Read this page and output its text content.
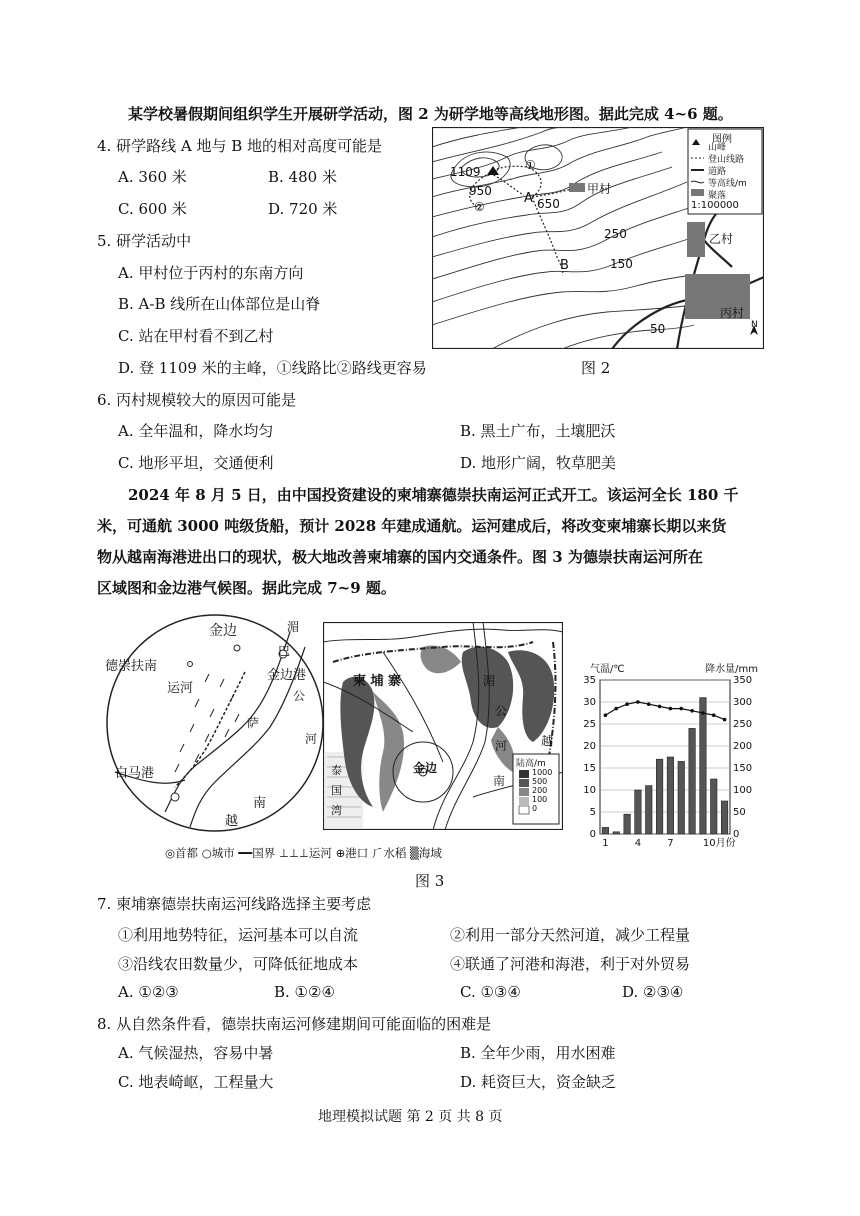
某学校暑假期间组织学生开展研学活动，图 2 为研学地等高线地形图。据此完成 4~6 题。
4. 研学路线 A 地与 B 地的相对高度可能是
A. 360 米	B. 480 米
C. 600 米	D. 720 米
5. 研学活动中
A. 甲村位于丙村的东南方向
B. A-B 线所在山体部位是山脊
C. 站在甲村看不到乙村
D. 登 1109 米的主峰，①线路比②路线更容易
1109	①
950
②
A
甲村
650
250
B	150
乙村
50
丙村
N
图例
山峰
登山线路
道路
等高线/m
聚落
1:100000
图 2
6. 丙村规模较大的原因可能是
A. 全年温和，降水均匀	B. 黑土广布，土壤肥沃
C. 地形平坦，交通便利	D. 地形广阔，牧草肥美
2024 年 8 月 5 日，由中国投资建设的柬埔寨德崇扶南运河正式开工。该运河全长 180 千
米，可通航 3000 吨级货船，预计 2028 年建成通航。运河建成后，将改变柬埔寨长期以来货
物从越南海港进出口的现状，极大地改善柬埔寨的国内交通条件。图 3 为德崇扶南运河所在
区域图和金边港气候图。据此完成 7~9 题。
金边	湄
巴
德崇扶南
运河
金边港
公
萨
河
白马港
越
南
柬 埔 寨	湄
公
河	越
南
金边
泰
国
湾
陆高/m
1000
500
200
100
0
0	0
5	50
10	100
15	150
20	200
25	250
30	300
35	350
气温/℃	降水量/mm
1	4	7	10月份
◎首都 ○城市 ━━国界 ⊥⊥⊥运河 ⊕港口 ⺁水稻 ▒海域
图 3
7. 柬埔寨德崇扶南运河线路选择主要考虑
①利用地势特征，运河基本可以自流	②利用一部分天然河道，减少工程量
③沿线农田数量少，可降低征地成本	④联通了河港和海港，利于对外贸易
A. ①②③	B. ①②④	C. ①③④	D. ②③④
8. 从自然条件看，德崇扶南运河修建期间可能面临的困难是
A. 气候湿热，容易中暑	B. 全年少雨，用水困难
C. 地表崎岖，工程量大	D. 耗资巨大，资金缺乏
地理模拟试题 第 2 页 共 8 页
